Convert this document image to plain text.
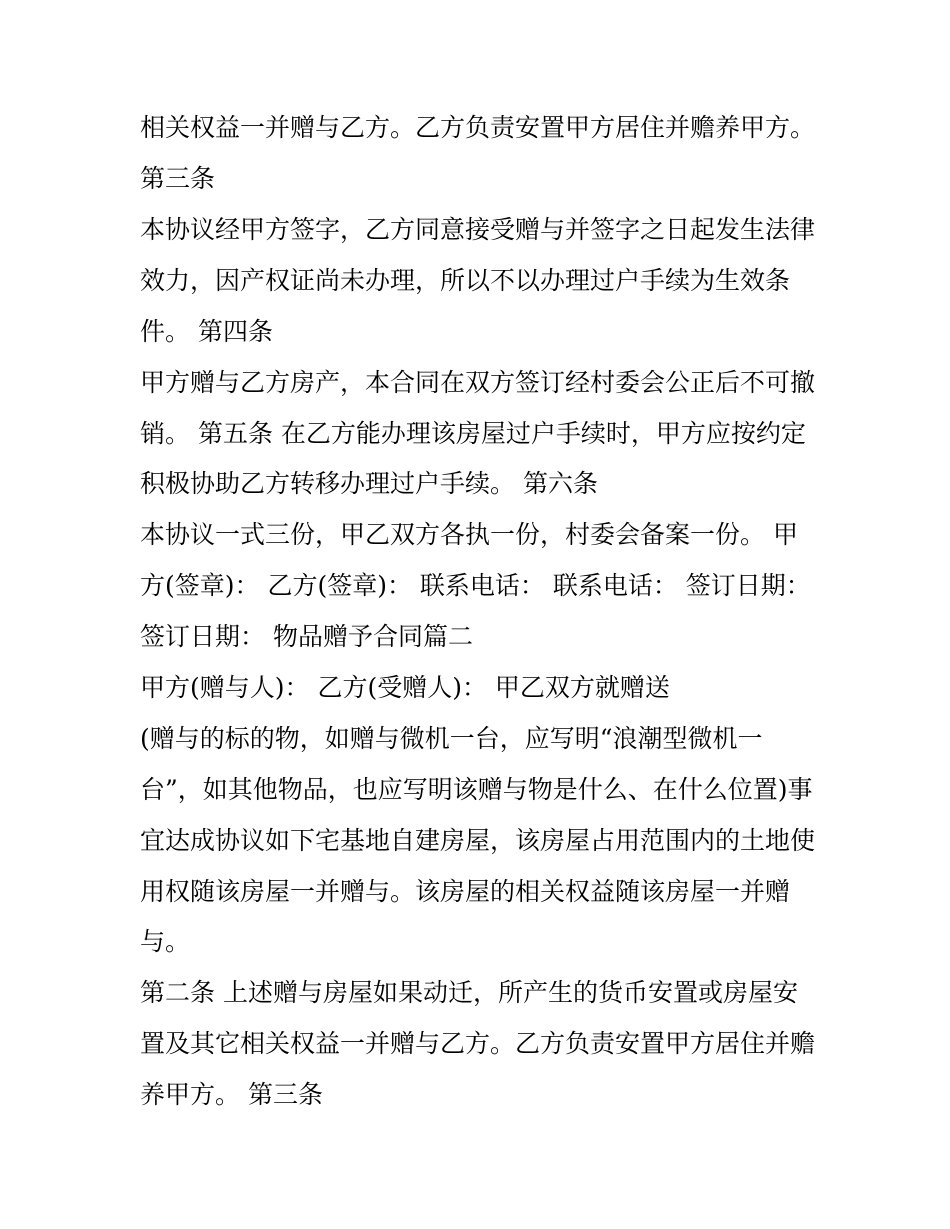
相关权益一并赠与乙方。乙方负责安置甲方居住并赡养甲方。

第三条

本协议经甲方签字，乙方同意接受赠与并签字之日起发生法律

效力，因产权证尚未办理，所以不以办理过户手续为生效条

件。 第四条

甲方赠与乙方房产，本合同在双方签订经村委会公正后不可撤

销。 第五条 在乙方能办理该房屋过户手续时，甲方应按约定

积极协助乙方转移办理过户手续。 第六条

本协议一式三份，甲乙双方各执一份，村委会备案一份。 甲

方(签章)： 乙方(签章)： 联系电话： 联系电话： 签订日期：

签订日期： 物品赠予合同篇二

甲方(赠与人)： 乙方(受赠人)： 甲乙双方就赠送

(赠与的标的物，如赠与微机一台，应写明“浪潮型微机一

台”，如其他物品，也应写明该赠与物是什么、在什么位置)事

宜达成协议如下宅基地自建房屋，该房屋占用范围内的土地使

用权随该房屋一并赠与。该房屋的相关权益随该房屋一并赠

与。

第二条 上述赠与房屋如果动迁，所产生的货币安置或房屋安

置及其它相关权益一并赠与乙方。乙方负责安置甲方居住并赡

养甲方。 第三条
